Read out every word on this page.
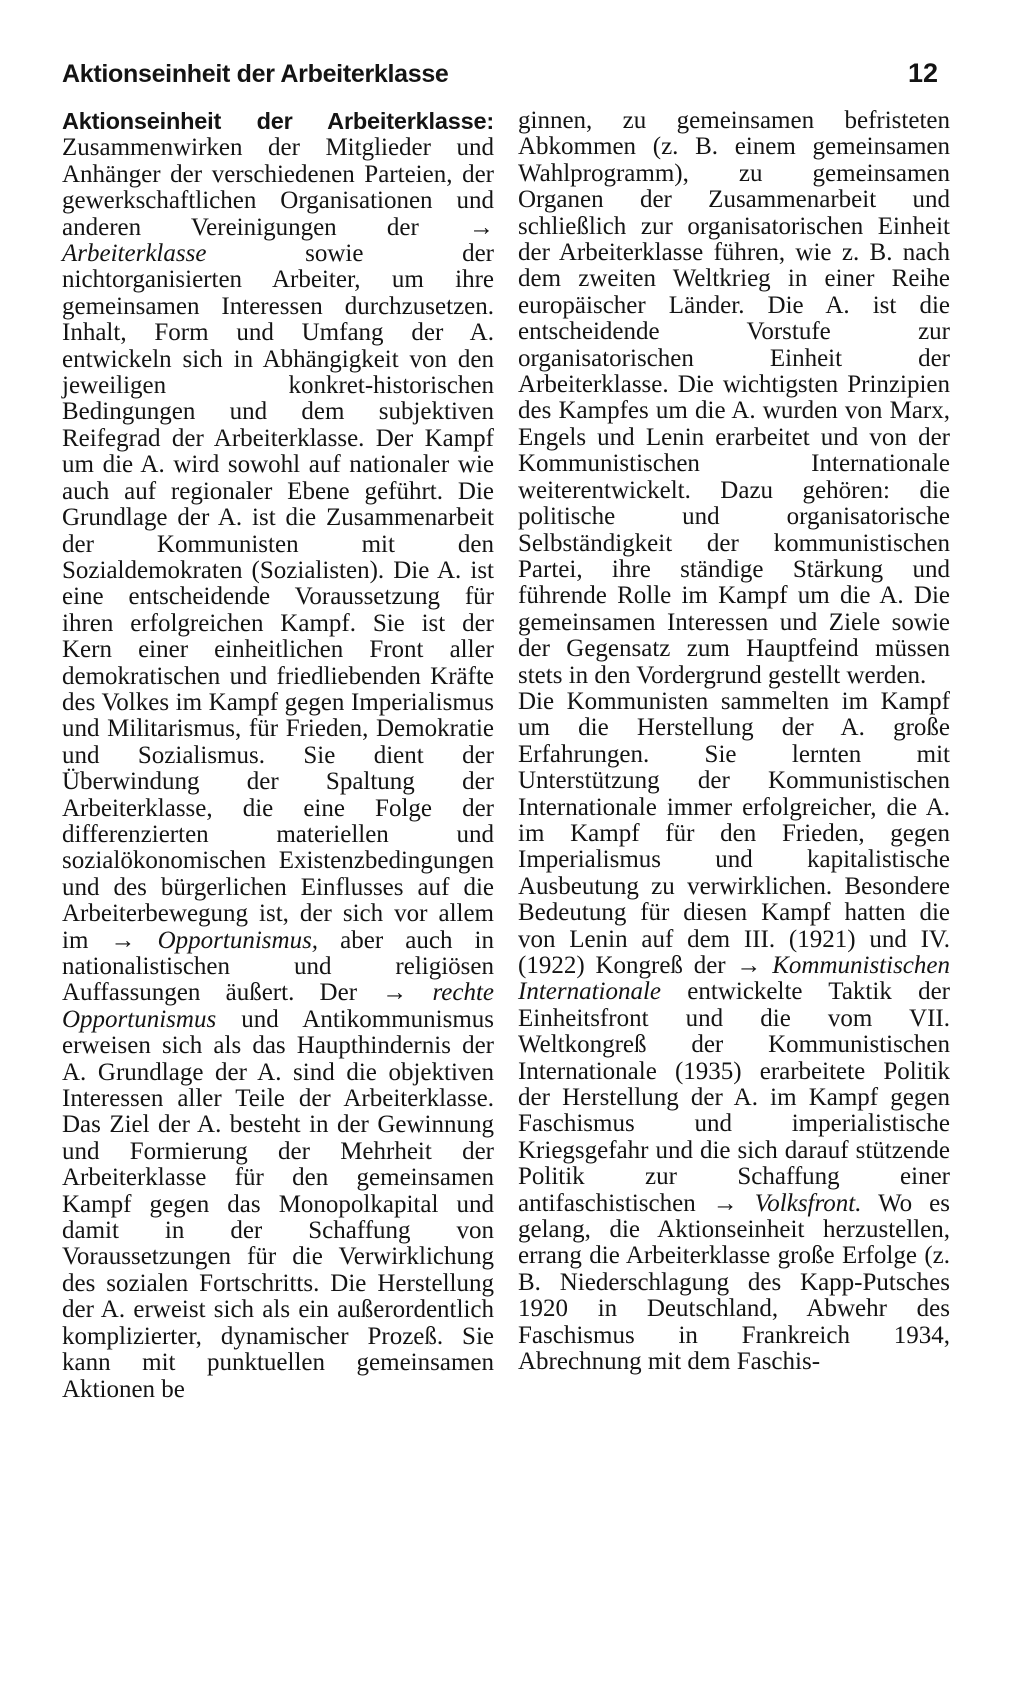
Aktionseinheit der Arbeiterklasse	12

Aktionseinheit der Arbeiterklasse: Zusammenwirken der Mitglieder und Anhänger der verschiedenen Parteien, der gewerkschaftlichen Organisationen und anderen Vereinigungen der → Arbeiterklasse sowie der nichtorganisierten Arbeiter, um ihre gemeinsamen Interessen durchzusetzen. Inhalt, Form und Umfang der A. entwickeln sich in Abhängigkeit von den jeweiligen konkret-historischen Bedingungen und dem subjektiven Reifegrad der Arbeiterklasse. Der Kampf um die A. wird sowohl auf nationaler wie auch auf regionaler Ebene geführt. Die Grundlage der A. ist die Zusammenarbeit der Kommunisten mit den Sozialdemokraten (Sozialisten). Die A. ist eine entscheidende Voraussetzung für ihren erfolgreichen Kampf. Sie ist der Kern einer einheitlichen Front aller demokratischen und friedliebenden Kräfte des Volkes im Kampf gegen Imperialismus und Militarismus, für Frieden, Demokratie und Sozialismus. Sie dient der Überwindung der Spaltung der Arbeiterklasse, die eine Folge der differenzierten materiellen und sozialökonomischen Existenzbedingungen und des bürgerlichen Einflusses auf die Arbeiterbewegung ist, der sich vor allem im → Opportunismus, aber auch in nationalistischen und religiösen Auffassungen äußert. Der → rechte Opportunismus und Antikommunismus erweisen sich als das Haupthindernis der A. Grundlage der A. sind die objektiven Interessen aller Teile der Arbeiterklasse. Das Ziel der A. besteht in der Gewinnung und Formierung der Mehrheit der Arbeiterklasse für den gemeinsamen Kampf gegen das Monopolkapital und damit in der Schaffung von Voraussetzungen für die Verwirklichung des sozialen Fortschritts. Die Herstellung der A. erweist sich als ein außerordentlich komplizierter, dynamischer Prozeß. Sie kann mit punktuellen gemeinsamen Aktionen be

ginnen, zu gemeinsamen befristeten Abkommen (z. B. einem gemeinsamen Wahlprogramm), zu gemeinsamen Organen der Zusammenarbeit und schließlich zur organisatorischen Einheit der Arbeiterklasse führen, wie z. B. nach dem zweiten Weltkrieg in einer Reihe europäischer Länder. Die A. ist die entscheidende Vorstufe zur organisatorischen Einheit der Arbeiterklasse. Die wichtigsten Prinzipien des Kampfes um die A. wurden von Marx, Engels und Lenin erarbeitet und von der Kommunistischen Internationale weiterentwickelt. Dazu gehören: die politische und organisatorische Selbständigkeit der kommunistischen Partei, ihre ständige Stärkung und führende Rolle im Kampf um die A. Die gemeinsamen Interessen und Ziele sowie der Gegensatz zum Hauptfeind müssen stets in den Vordergrund gestellt werden.

Die Kommunisten sammelten im Kampf um die Herstellung der A. große Erfahrungen. Sie lernten mit Unterstützung der Kommunistischen Internationale immer erfolgreicher, die A. im Kampf für den Frieden, gegen Imperialismus und kapitalistische Ausbeutung zu verwirklichen. Besondere Bedeutung für diesen Kampf hatten die von Lenin auf dem III. (1921) und IV. (1922) Kongreß der → Kommunistischen Internationale entwickelte Taktik der Einheitsfront und die vom VII. Weltkongreß der Kommunistischen Internationale (1935) erarbeitete Politik der Herstellung der A. im Kampf gegen Faschismus und imperialistische Kriegsgefahr und die sich darauf stützende Politik zur Schaffung einer antifaschistischen → Volksfront. Wo es gelang, die Aktionseinheit herzustellen, errang die Arbeiterklasse große Erfolge (z. B. Niederschlagung des Kapp-Putsches 1920 in Deutschland, Abwehr des Faschismus in Frankreich 1934, Abrechnung mit dem Faschis-
